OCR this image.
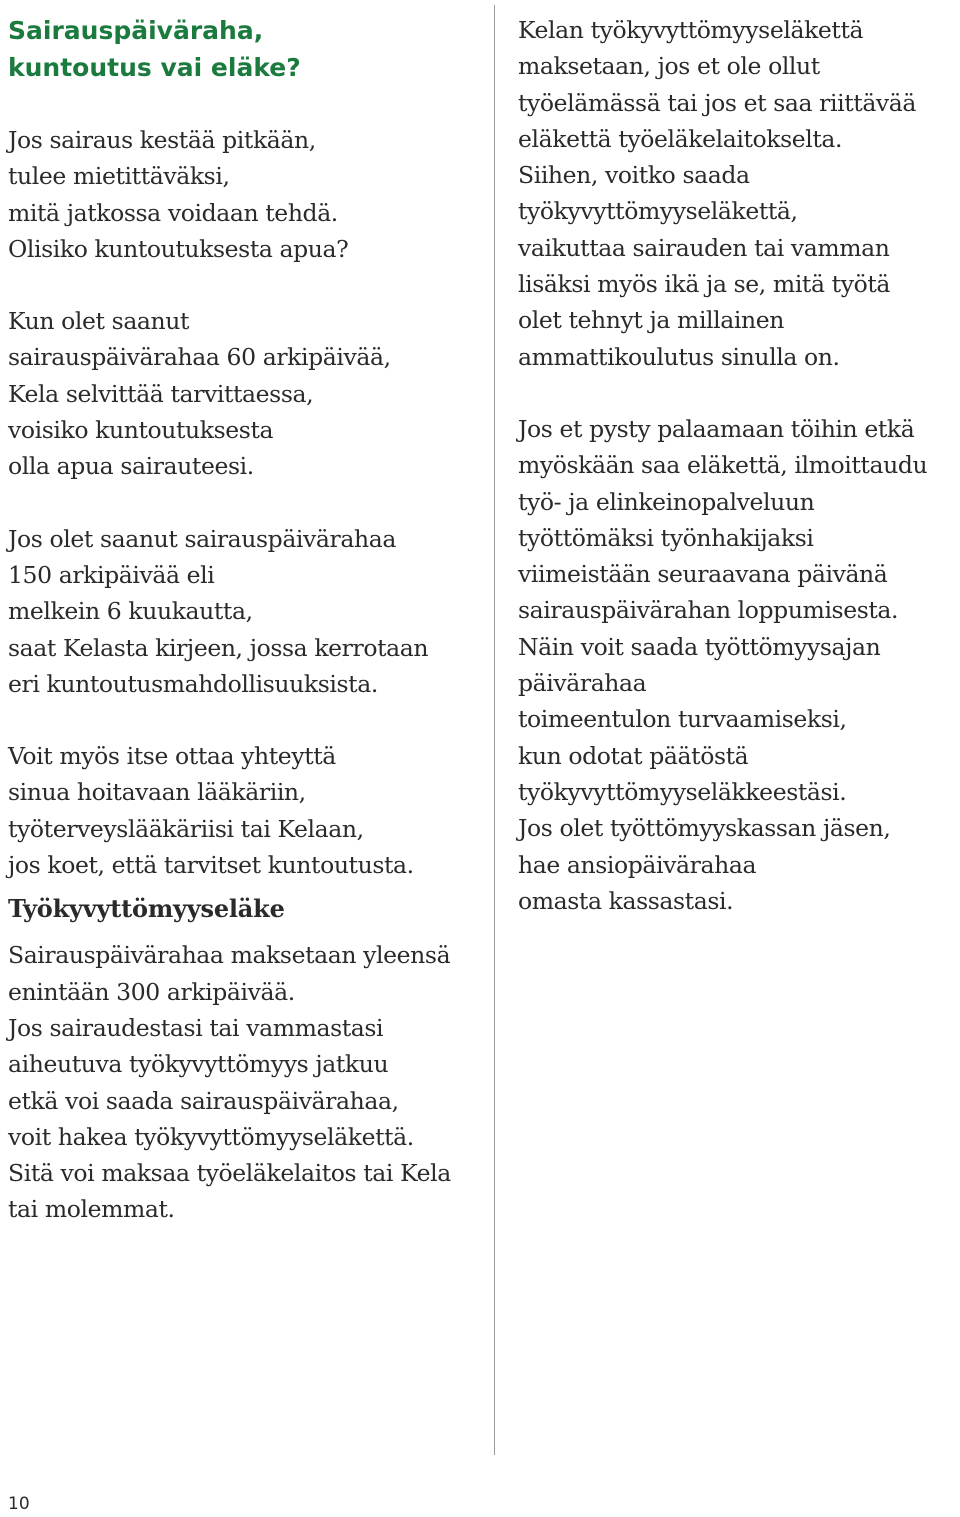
Sairauspäiväraha,
kuntoutus vai eläke?
Jos sairaus kestää pitkään,
tulee mietittäväksi,
mitä jatkossa voidaan tehdä.
Olisiko kuntoutuksesta apua?
Kun olet saanut
sairauspäivärahaa 60 arkipäivää,
Kela selvittää tarvittaessa,
voisiko kuntoutuksesta
olla apua sairauteesi.
Jos olet saanut sairauspäivärahaa
150 arkipäivää eli
melkein 6 kuukautta,
saat Kelasta kirjeen, jossa kerrotaan
eri kuntoutusmahdollisuuksista.
Voit myös itse ottaa yhteyttä
sinua hoitavaan lääkäriin,
työterveyslääkäriisi tai Kelaan,
jos koet, että tarvitset kuntoutusta.
Työkyvyttömyyseläke
Sairauspäivärahaa maksetaan yleensä
enintään 300 arkipäivää.
Jos sairaudestasi tai vammastasi
aiheutuva työkyvyttömyys jatkuu
etkä voi saada sairauspäivärahaa,
voit hakea työkyvyttömyyseläkettä.
Sitä voi maksaa työeläkelaitos tai Kela
tai molemmat.
Kelan työkyvyttömyyseläkettä
maksetaan, jos et ole ollut
työelämässä tai jos et saa riittävää
eläkettä työeläkelaitokselta.
Siihen, voitko saada
työkyvyttömyyseläkettä,
vaikuttaa sairauden tai vamman
lisäksi myös ikä ja se, mitä työtä
olet tehnyt ja millainen
ammattikoulutus sinulla on.
Jos et pysty palaamaan töihin etkä
myöskään saa eläkettä, ilmoittaudu
työ- ja elinkeinopalveluun
työttömäksi työnhakijaksi
viimeistään seuraavana päivänä
sairauspäivärahan loppumisesta.
Näin voit saada työttömyysajan
päivärahaa
toimeentulon turvaamiseksi,
kun odotat päätöstä
työkyvyttömyyseläkkeestäsi.
Jos olet työttömyyskassan jäsen,
hae ansiopäivärahaa
omasta kassastasi.
10
